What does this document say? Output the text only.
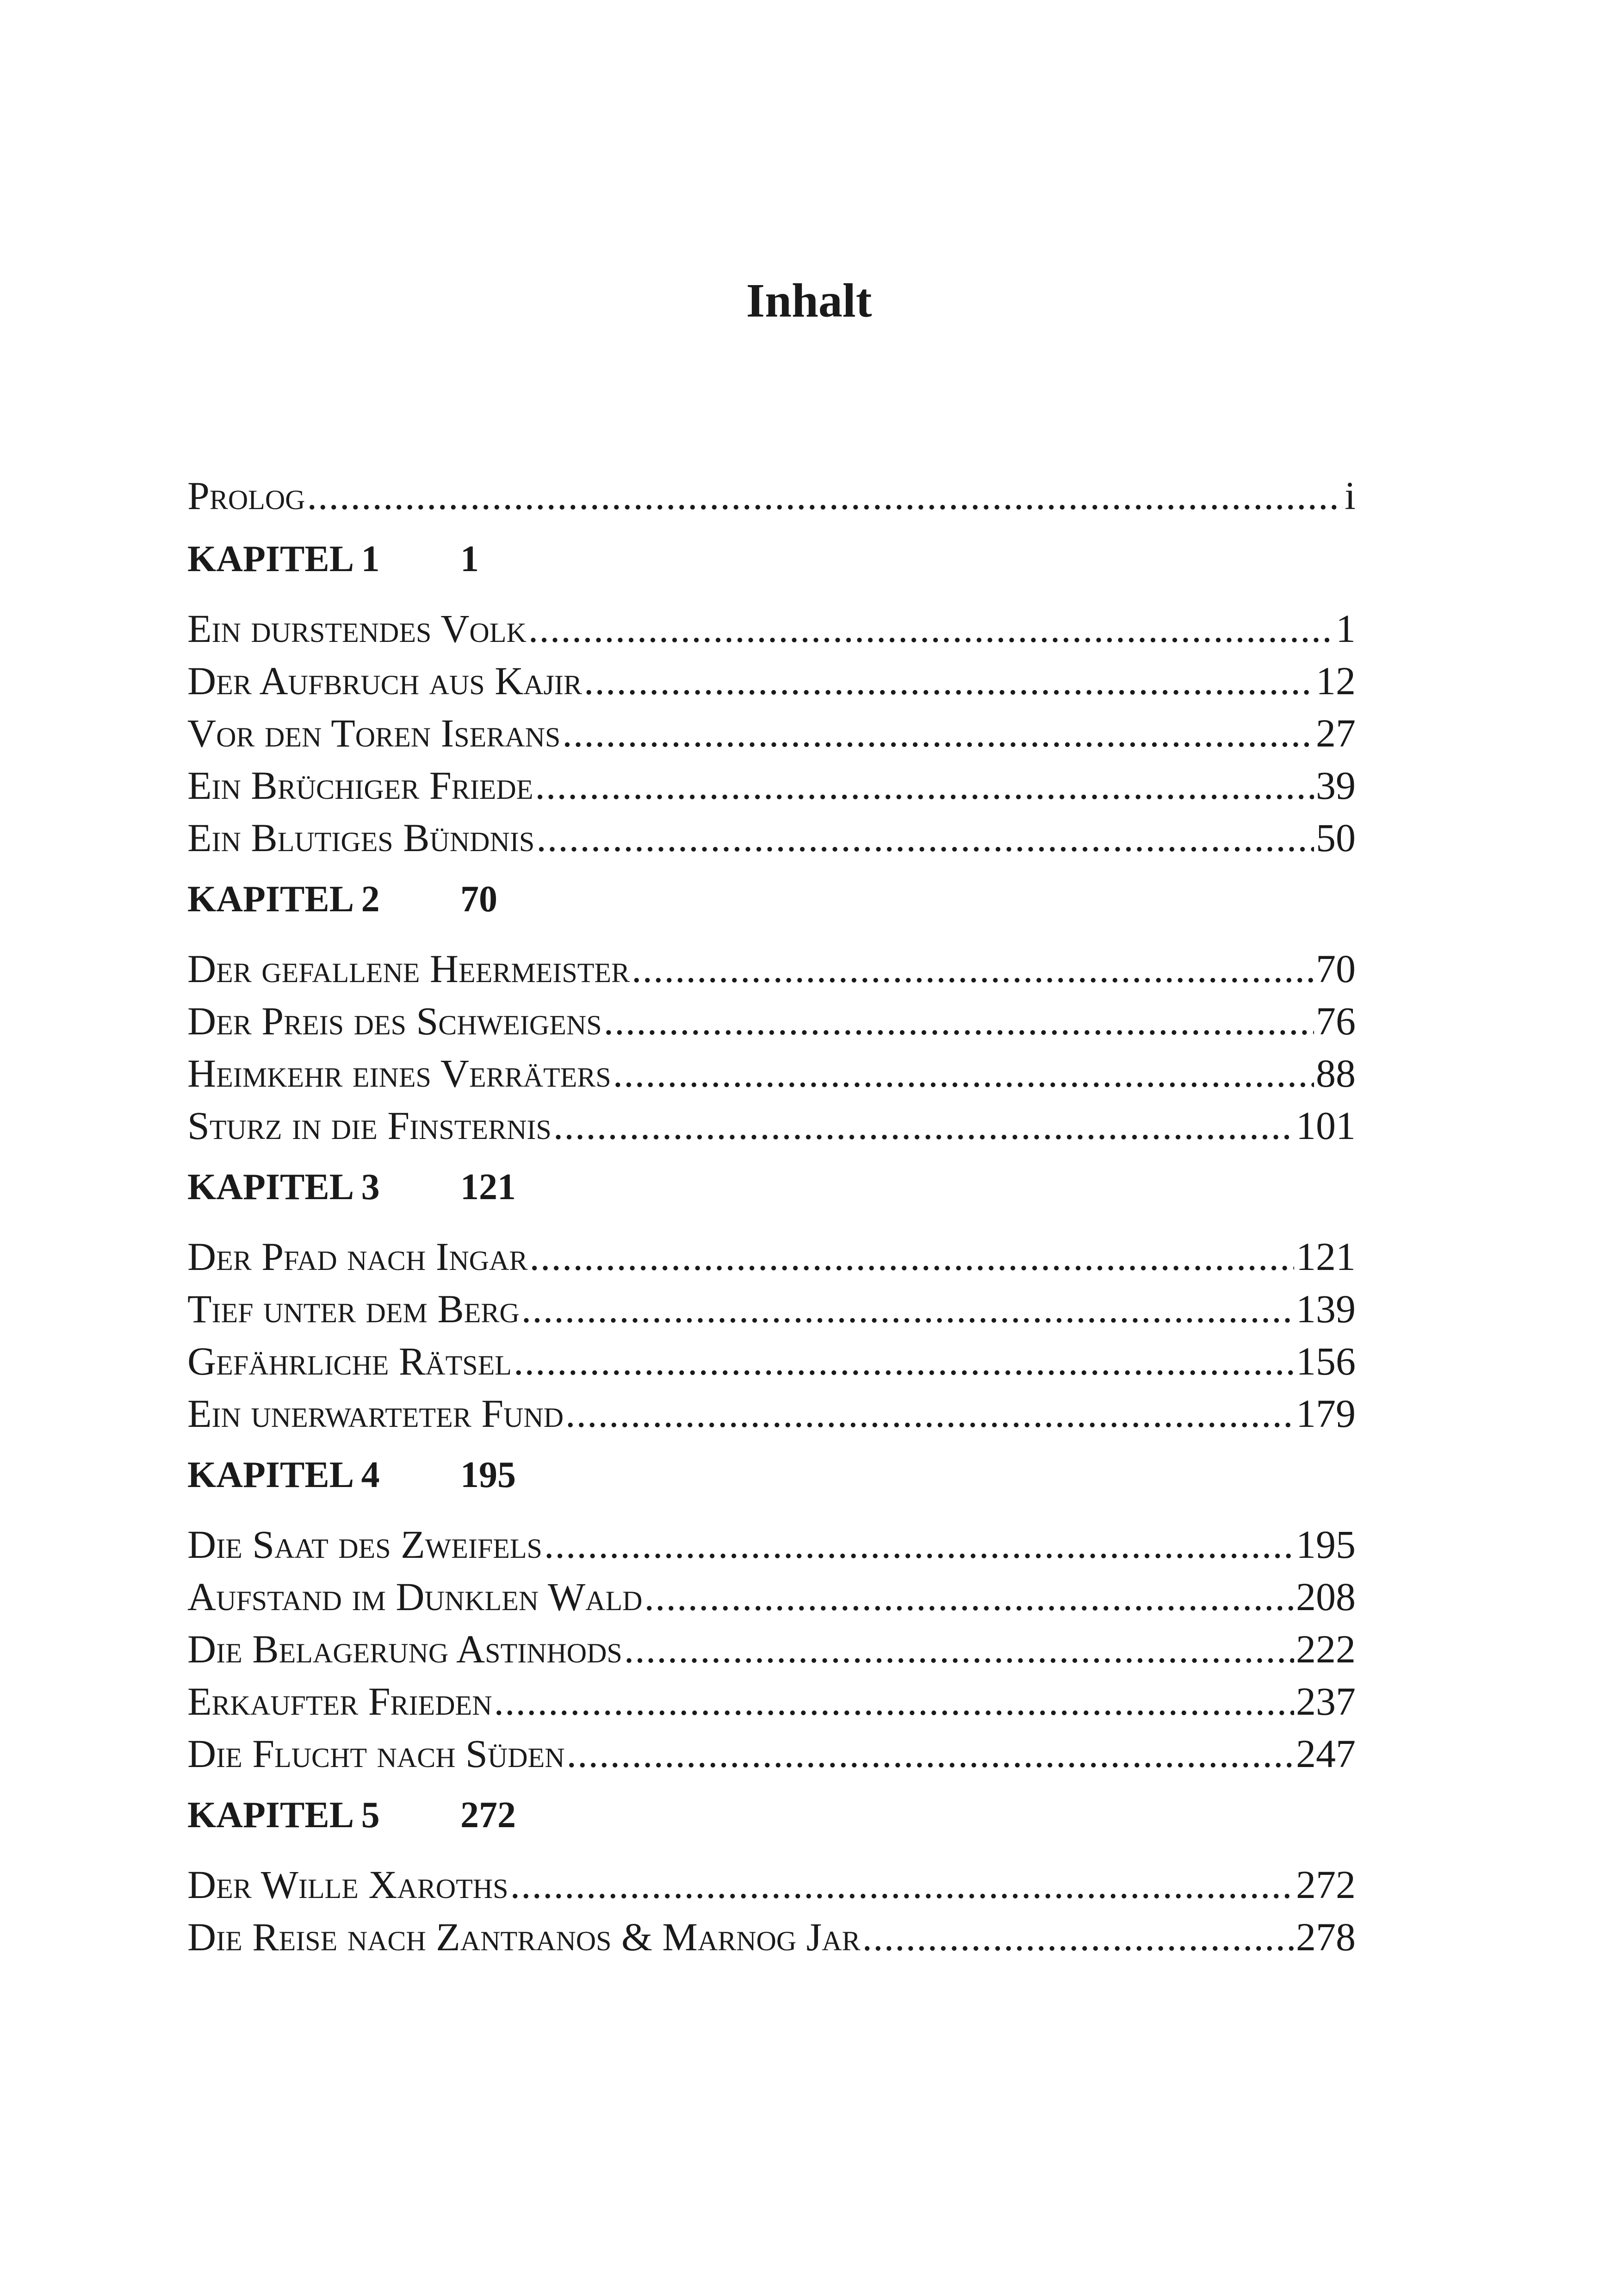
Inhalt
Prolog .....	i
KAPITEL 1	1
Ein durstendes Volk .....	1
Der Aufbruch aus Kajir .....	12
Vor den Toren Iserans .....	27
Ein Brüchiger Friede .....	39
Ein Blutiges Bündnis .....	50
KAPITEL 2	70
Der gefallene Heermeister .....	70
Der Preis des Schweigens .....	76
Heimkehr eines Verräters .....	88
Sturz in die Finsternis .....	101
KAPITEL 3	121
Der Pfad nach Ingar .....	121
Tief unter dem Berg .....	139
Gefährliche Rätsel .....	156
Ein unerwarteter Fund .....	179
KAPITEL 4	195
Die Saat des Zweifels .....	195
Aufstand im Dunklen Wald .....	208
Die Belagerung Astinhods .....	222
Erkaufter Frieden .....	237
Die Flucht nach Süden .....	247
KAPITEL 5	272
Der Wille Xaroths .....	272
Die Reise nach Zantranos & Marnog Jar .....	278
